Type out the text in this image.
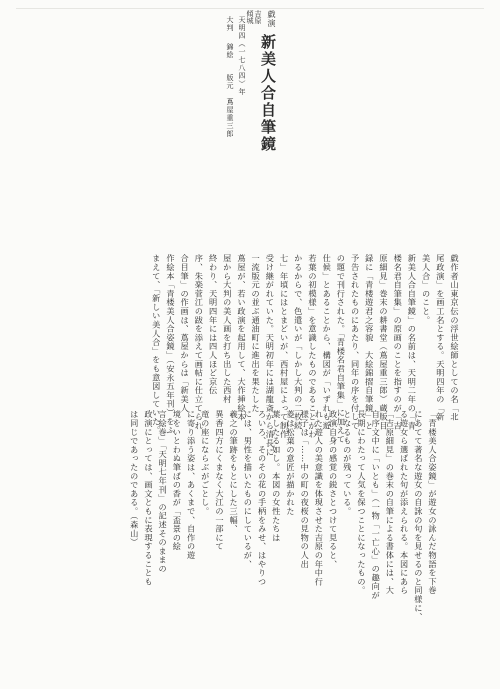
戯演
吉原
傾城
新美人合自筆鏡
天明四（一七八四）年
大判 錦絵 版元 蔦屋重三郎
戯作者山東京伝の浮世絵師としての名「北
尾政演」を画工名とする。天明四年の「新
美人合」のこと。
新美人合自筆鏡」の名前は、天明二年の「青
楼名君自筆集」の原画のことを指すのが「吉
原細見」巻末の耕書堂（蔦屋重三郎）蔵版目
録に「青楼遊君之容貌　大絵錦摺自筆鏡」と
予告されたものにあたり、同年の序を付して
の題で刊行された。「青楼名君自筆集」に加えて
仕候」とあることから、構図が「いずれも遊
若葉の初模様」を意識したものであることがわ
かるからで、色遣いが「しかし大判の二枚続
七」年頃にはとまどいが、西村屋によって制作
受け継がれていた。天明初年には湖龍斎から清長に
一流版元の並ぶ通油町に進出を果たした
蔦屋が、若い政演を起用して、大作挿絵本
屋から大判の美人画を打ち出した西村
終わり、天明四年には四人ほど京伝
序、朱楽菅江の跋を添えて画帖に仕立てられ
合目筆」の作画は、蔦屋からは「新美人
作絵本「青楼美人合姿鏡」（安永五年刊）をふ
まえて、「新しい美人合」をも意図していた。
「青楼美人合姿鏡」が遊女の詠んだ物語を下巻
にあてて著名な遊女の自詠の句を見せるのと同様に、
る遊女ら選ばれた句が添えられる。本図にあら
「吉原細見」の巻末の自筆による書体には、大
自序文中に「いとも」（一物「一亡心」の趣向が
長期にわたって人気を保つことになったもの。
となるものが残っている。
政演自身の感覚の鋭さとつけて見ると、
れた遊人の美意識を体現させた吉原の年中行
様子は「……中の町の夜桜の見物の人出
菱は松葉の意匠が描かれた
葉したる如し。本図の女性たちは
ろいろ、そのその花の手柄をみせ、はやりつ
には、男性を描いたものにしているが、
羲之の筆跡をもとにした三幅、
異香四方にくまなく大江の一部にて
竜の座にならぶがごとし。
に寄り添う姿は、あくまで、自作の遊
境をいとわぬ筆ばの香が「盃景の絵
言絵巻」「天明七年刊」の記述そのままの
政演にとっては、画文ともに表現することも
は同じであったのである。（森山）
